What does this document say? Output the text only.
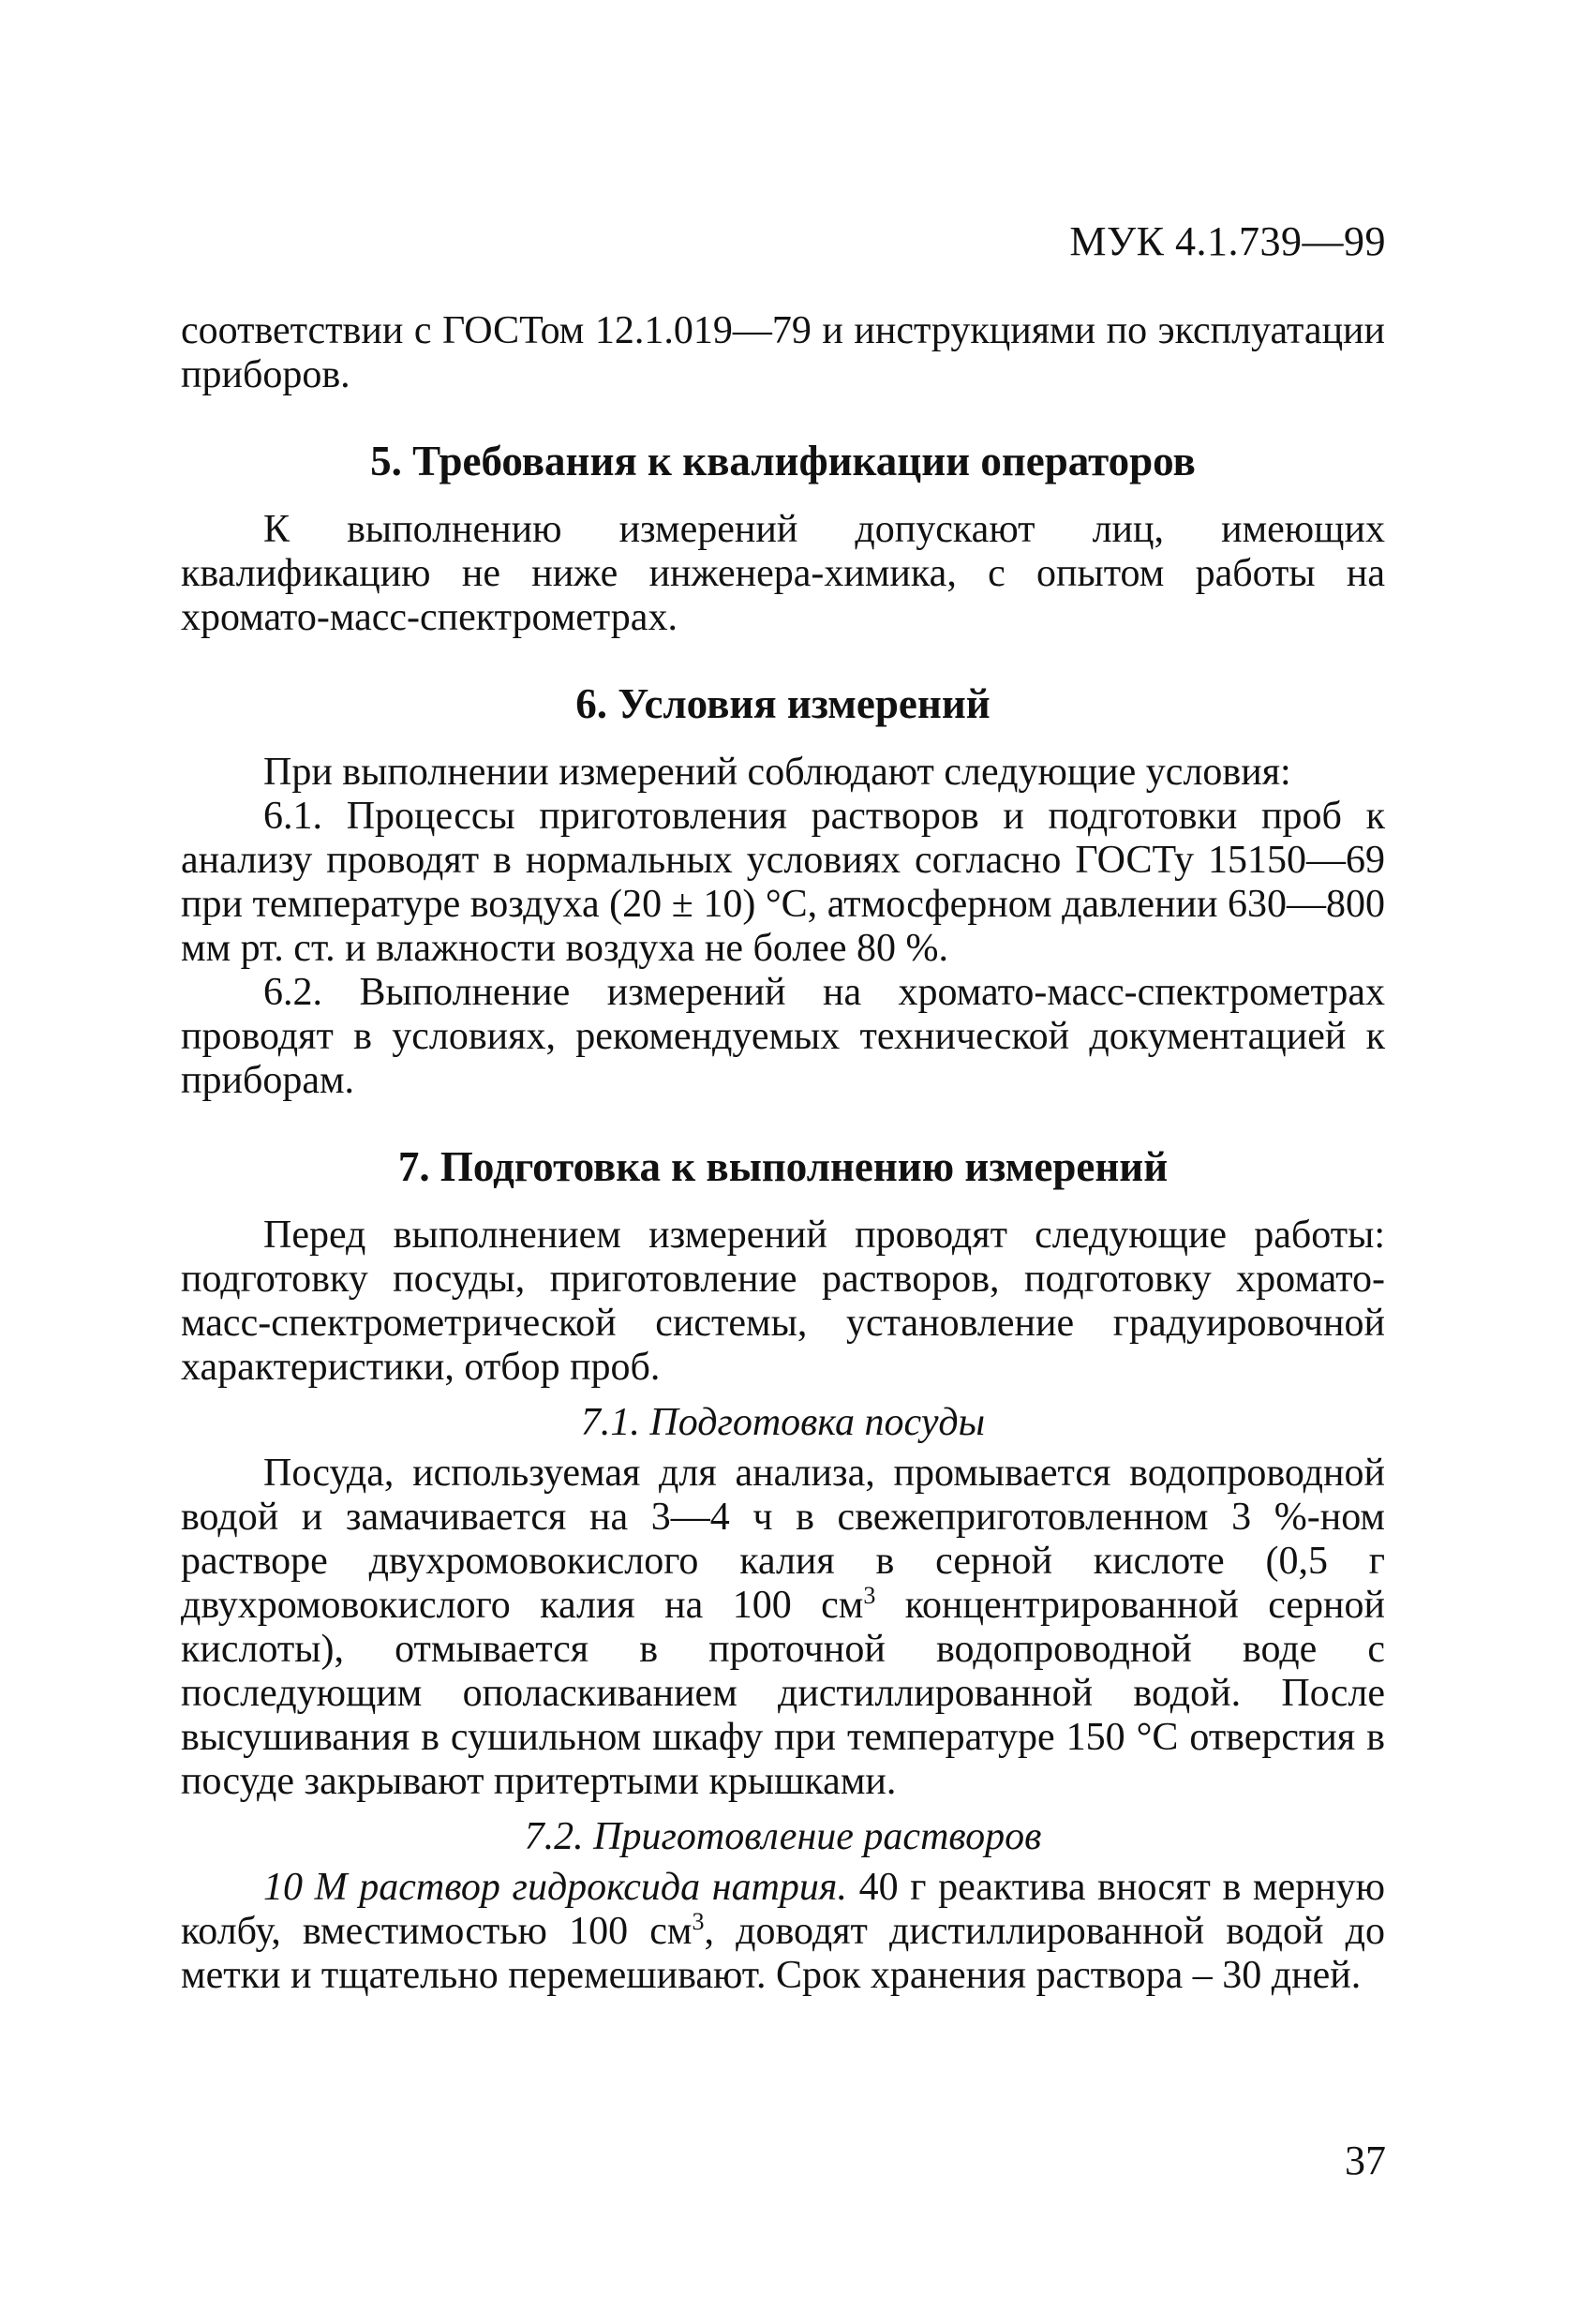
МУК 4.1.739—99

соответствии с ГОСТом 12.1.019—79 и инструкциями по эксплуатации приборов.

5. Требования к квалификации операторов

К выполнению измерений допускают лиц, имеющих квалификацию не ниже инженера-химика, с опытом работы на хромато-масс-спектрометрах.

6. Условия измерений

При выполнении измерений соблюдают следующие условия:

6.1. Процессы приготовления растворов и подготовки проб к анализу проводят в нормальных условиях согласно ГОСТу 15150—69 при температуре воздуха (20 ± 10) °С, атмосферном давлении 630—800 мм рт. ст. и влажности воздуха не более 80 %.

6.2. Выполнение измерений на хромато-масс-спектрометрах проводят в условиях, рекомендуемых технической документацией к приборам.

7. Подготовка к выполнению измерений

Перед выполнением измерений проводят следующие работы: подготовку посуды, приготовление растворов, подготовку хромато-масс-спектрометрической системы, установление градуировочной характеристики, отбор проб.

7.1. Подготовка посуды

Посуда, используемая для анализа, промывается водопроводной водой и замачивается на 3—4 ч в свежеприготовленном 3 %-ном растворе двухромовокислого калия в серной кислоте (0,5 г двухромовокислого калия на 100 $см^3$ концентрированной серной кислоты), отмывается в проточной водопроводной воде с последующим ополаскиванием дистиллированной водой. После высушивания в сушильном шкафу при температуре 150 °С отверстия в посуде закрывают притертыми крышками.

7.2. Приготовление растворов

10 М раствор гидроксида натрия. 40 г реактива вносят в мерную колбу, вместимостью 100 $см^3$, доводят дистиллированной водой до метки и тщательно перемешивают. Срок хранения раствора – 30 дней.

37
